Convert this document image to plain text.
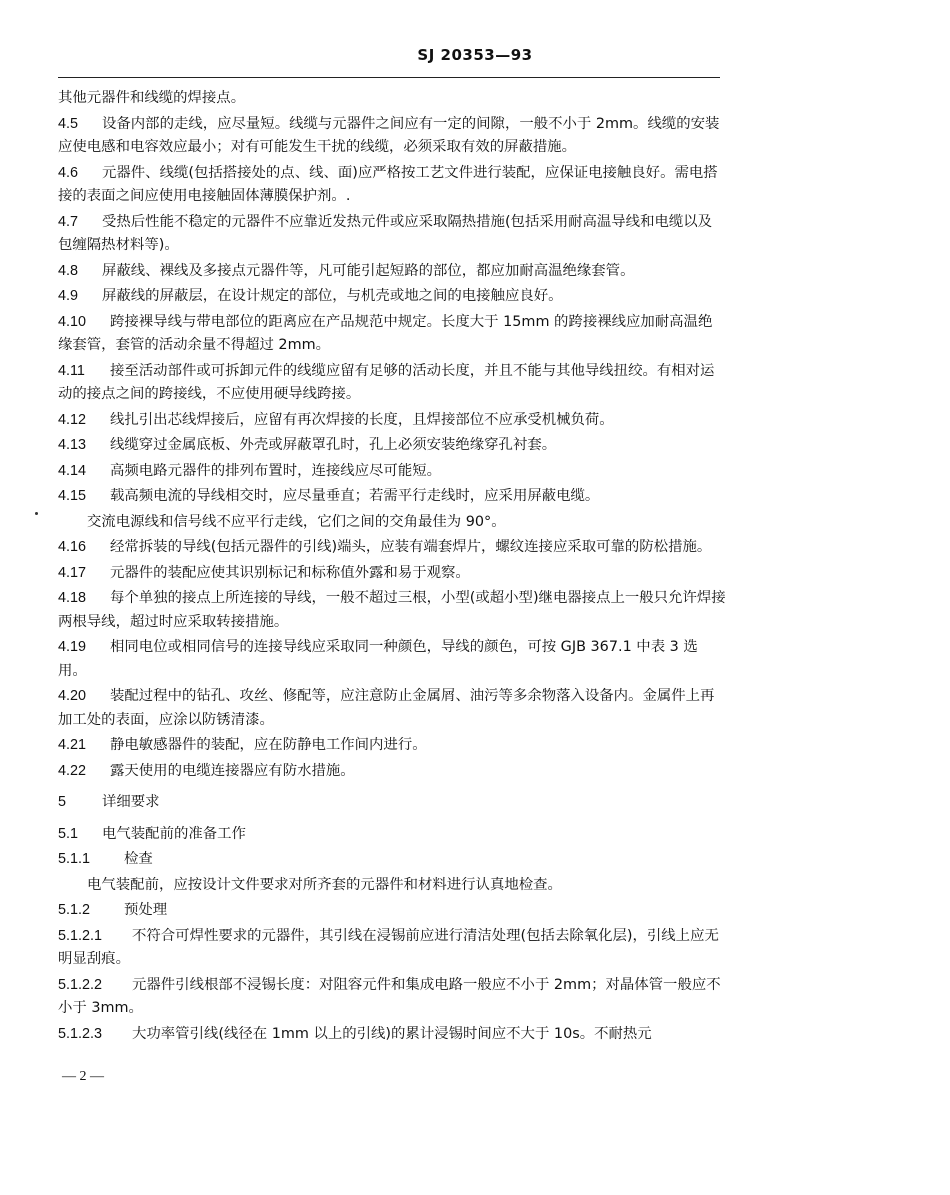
SJ 20353—93
其他元器件和线缆的焊接点。
4.5 设备内部的走线，应尽量短。线缆与元器件之间应有一定的间隙，一般不小于 2mm。线缆的安装应使电感和电容效应最小；对有可能发生干扰的线缆，必须采取有效的屏蔽措施。
4.6 元器件、线缆(包括搭接处的点、线、面)应严格按工艺文件进行装配，应保证电接触良好。需电搭接的表面之间应使用电接触固体薄膜保护剂。.
4.7 受热后性能不稳定的元器件不应靠近发热元件或应采取隔热措施(包括采用耐高温导线和电缆以及包缠隔热材料等)。
4.8 屏蔽线、裸线及多接点元器件等，凡可能引起短路的部位，都应加耐高温绝缘套管。
4.9 屏蔽线的屏蔽层，在设计规定的部位，与机壳或地之间的电接触应良好。
4.10 跨接裸导线与带电部位的距离应在产品规范中规定。长度大于 15mm 的跨接裸线应加耐高温绝缘套管，套管的活动余量不得超过 2mm。
4.11 接至活动部件或可拆卸元件的线缆应留有足够的活动长度，并且不能与其他导线扭绞。有相对运动的接点之间的跨接线，不应使用硬导线跨接。
4.12 线扎引出芯线焊接后，应留有再次焊接的长度，且焊接部位不应承受机械负荷。
4.13 线缆穿过金属底板、外壳或屏蔽罩孔时，孔上必须安装绝缘穿孔衬套。
4.14 高频电路元器件的排列布置时，连接线应尽可能短。
4.15 载高频电流的导线相交时，应尽量垂直；若需平行走线时，应采用屏蔽电缆。
交流电源线和信号线不应平行走线，它们之间的交角最佳为 90°。
4.16 经常拆装的导线(包括元器件的引线)端头，应装有端套焊片，螺纹连接应采取可靠的防松措施。
4.17 元器件的装配应使其识别标记和标称值外露和易于观察。
4.18 每个单独的接点上所连接的导线，一般不超过三根，小型(或超小型)继电器接点上一般只允许焊接两根导线，超过时应采取转接措施。
4.19 相同电位或相同信号的连接导线应采取同一种颜色，导线的颜色，可按 GJB 367.1 中表 3 选用。
4.20 装配过程中的钻孔、攻丝、修配等，应注意防止金属屑、油污等多余物落入设备内。金属件上再加工处的表面，应涂以防锈清漆。
4.21 静电敏感器件的装配，应在防静电工作间内进行。
4.22 露天使用的电缆连接器应有防水措施。
5 详细要求
5.1 电气装配前的准备工作
5.1.1 检查
电气装配前，应按设计文件要求对所齐套的元器件和材料进行认真地检查。
5.1.2 预处理
5.1.2.1 不符合可焊性要求的元器件，其引线在浸锡前应进行清洁处理(包括去除氧化层)，引线上应无明显刮痕。
5.1.2.2 元器件引线根部不浸锡长度：对阻容元件和集成电路一般应不小于 2mm；对晶体管一般应不小于 3mm。
5.1.2.3 大功率管引线(线径在 1mm 以上的引线)的累计浸锡时间应不大于 10s。不耐热元
— 2 —
